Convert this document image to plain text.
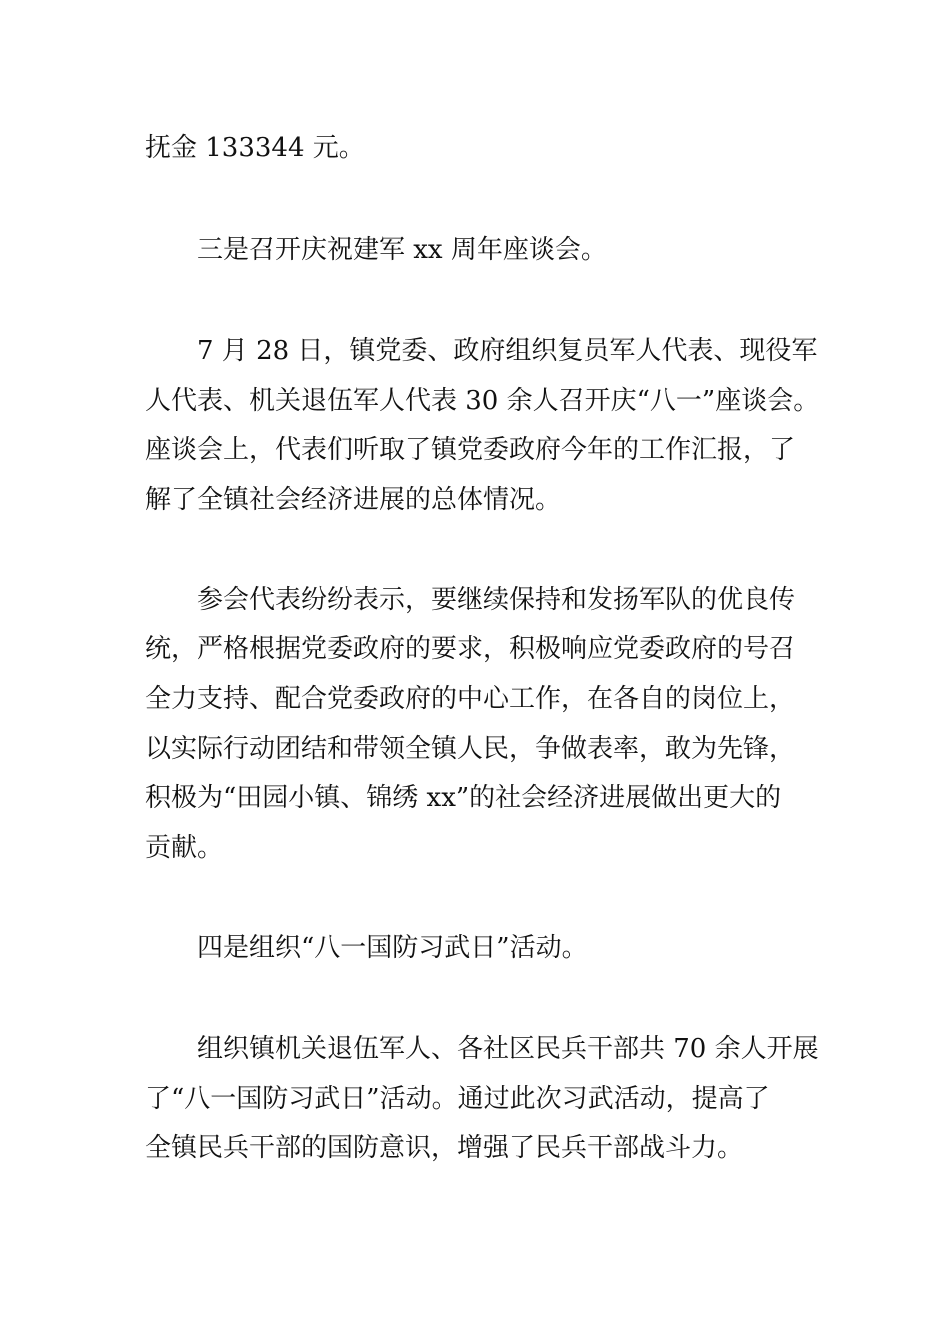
抚金 133344 元。
三是召开庆祝建军 xx 周年座谈会。
7 月 28 日，镇党委、政府组织复员军人代表、现役军
人代表、机关退伍军人代表 30 余人召开庆“八一”座谈会。
座谈会上，代表们听取了镇党委政府今年的工作汇报，了
解了全镇社会经济进展的总体情况。
参会代表纷纷表示，要继续保持和发扬军队的优良传
统，严格根据党委政府的要求，积极响应党委政府的号召
全力支持、配合党委政府的中心工作，在各自的岗位上，
以实际行动团结和带领全镇人民，争做表率，敢为先锋，
积极为“田园小镇、锦绣 xx”的社会经济进展做出更大的
贡献。
四是组织“八一国防习武日”活动。
组织镇机关退伍军人、各社区民兵干部共 70 余人开展
了“八一国防习武日”活动。通过此次习武活动，提高了
全镇民兵干部的国防意识，增强了民兵干部战斗力。
